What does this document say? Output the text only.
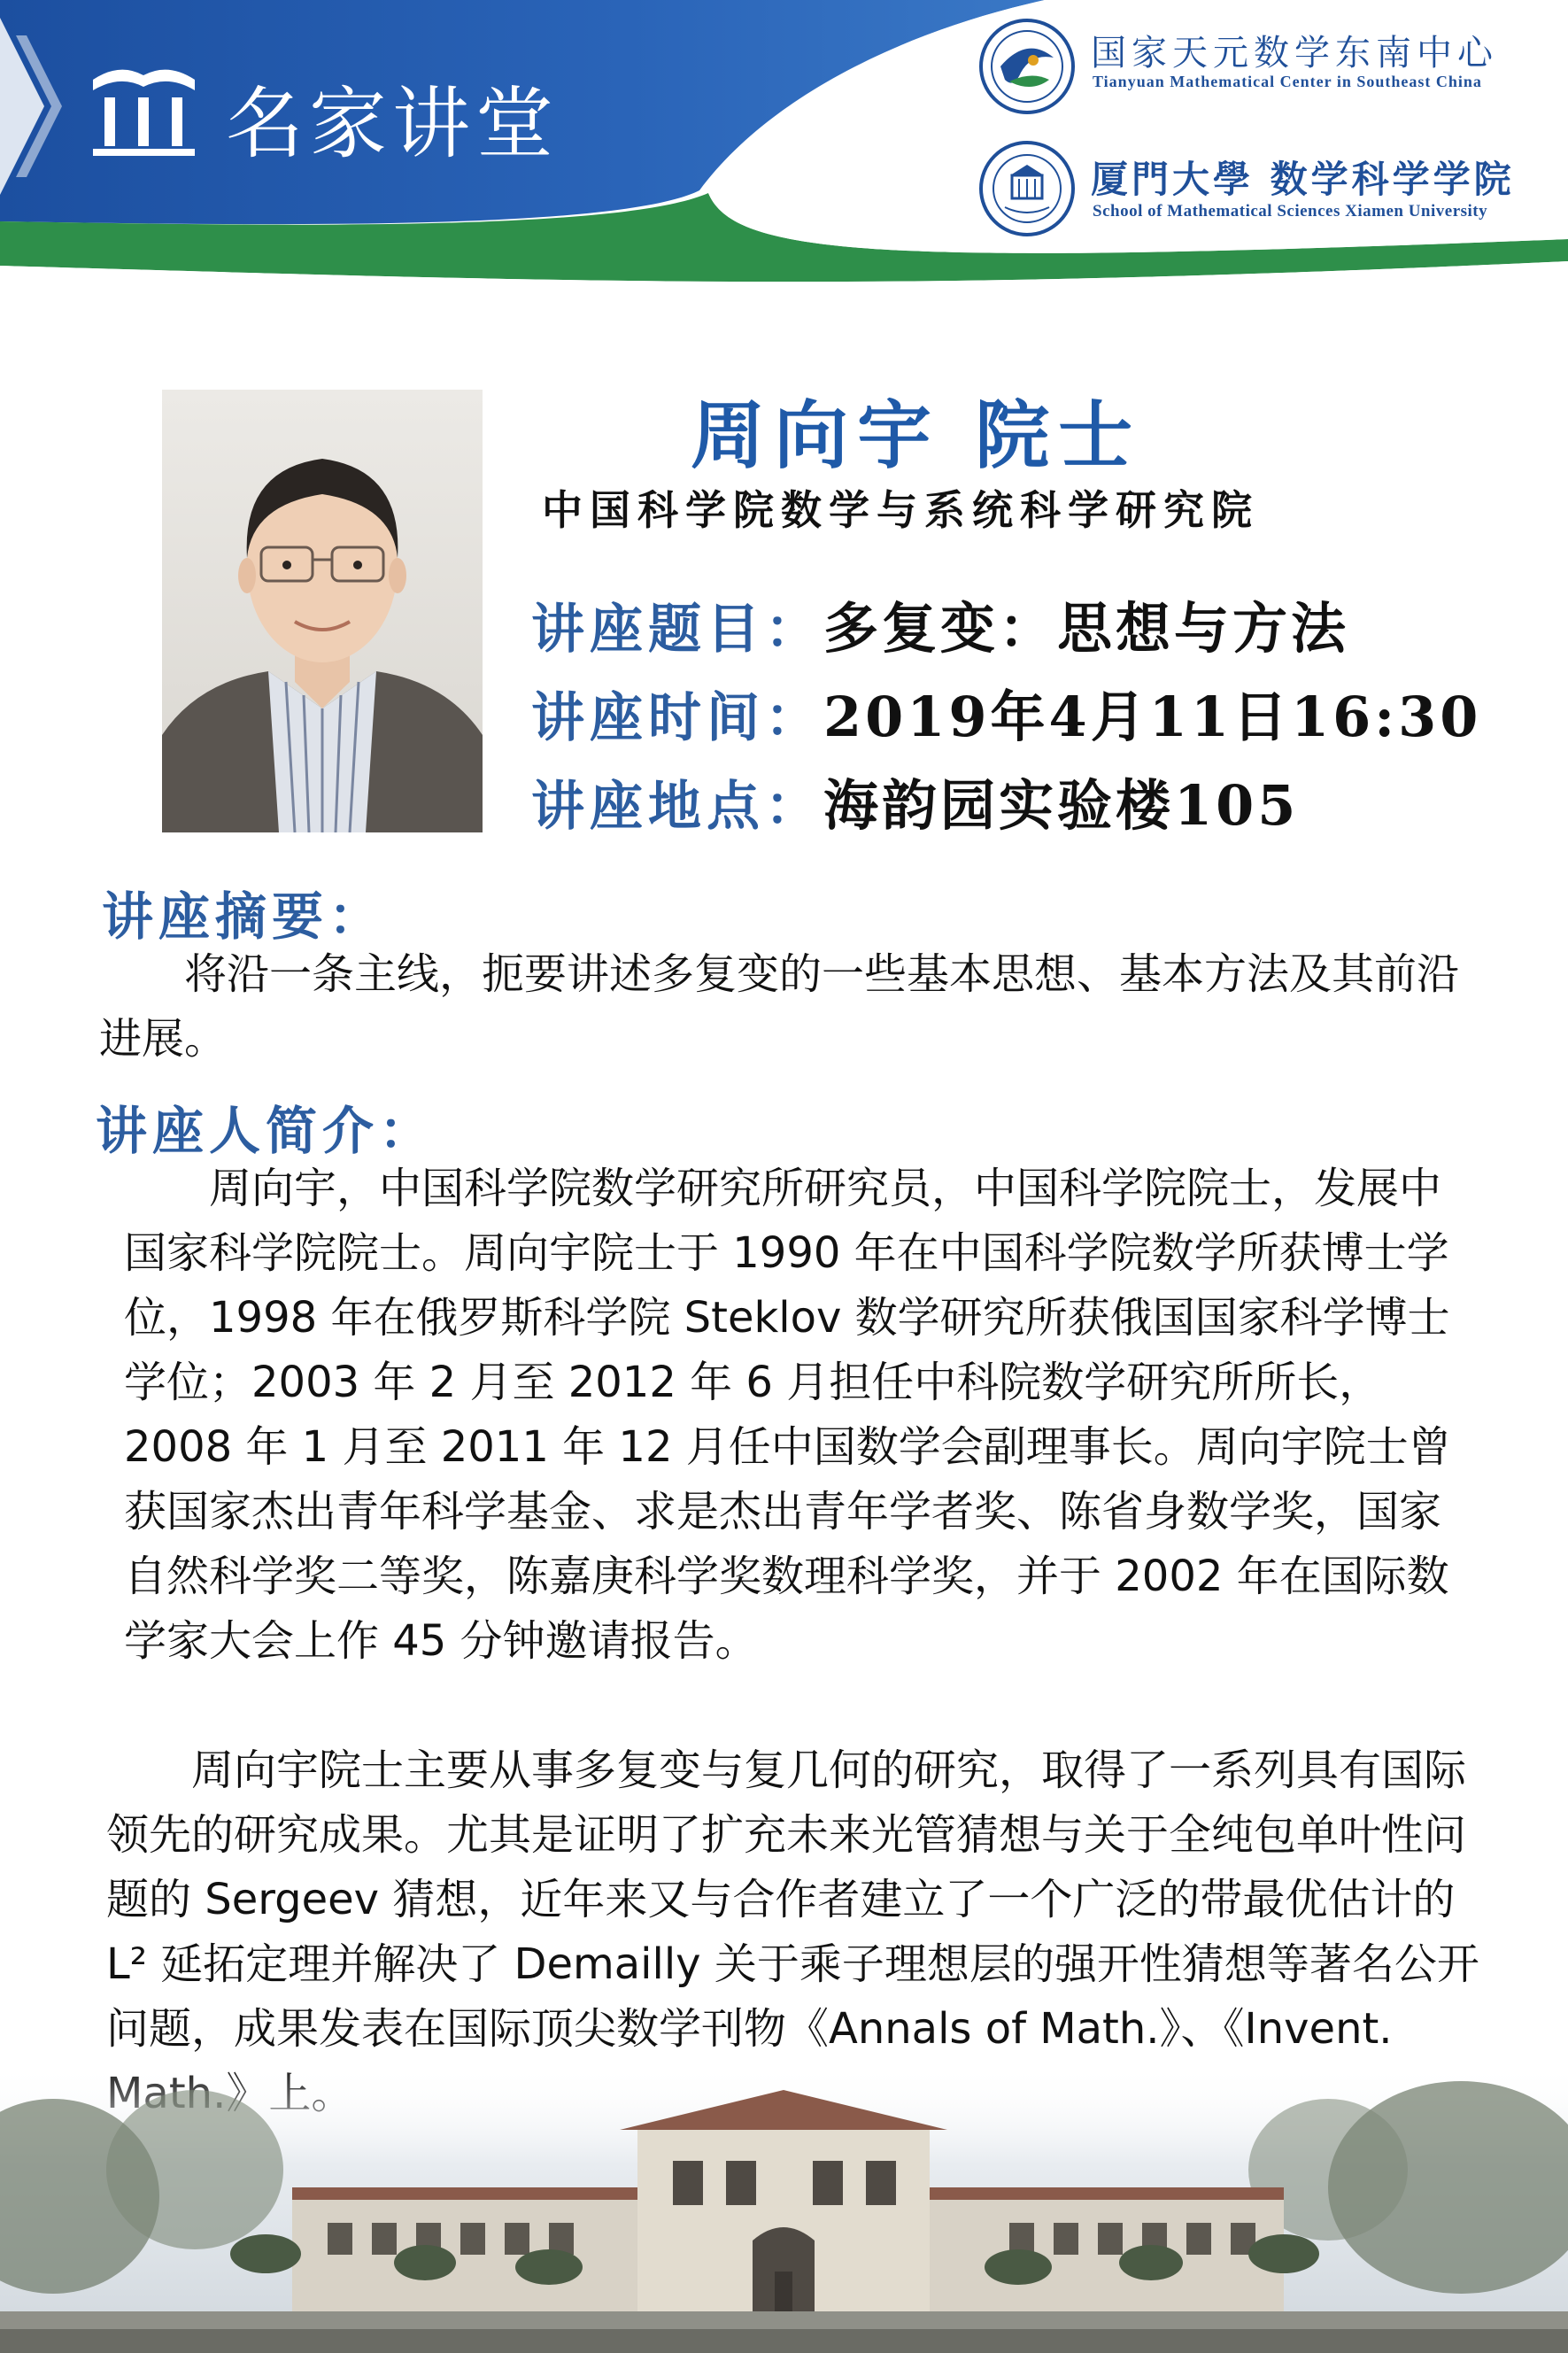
名家讲堂
国家天元数学东南中心
Tianyuan Mathematical Center in Southeast China
厦門大學 数学科学学院
School of Mathematical Sciences Xiamen University
周向宇 院士
中国科学院数学与系统科学研究院
讲座题目：多复变：思想与方法
讲座时间：2019年4月11日16:30
讲座地点：海韵园实验楼105
讲座摘要：

将沿一条主线，扼要讲述多复变的一些基本思想、基本方法及其前沿进展。

讲座人简介：

周向宇，中国科学院数学研究所研究员，中国科学院院士，发展中国家科学院院士。周向宇院士于 1990 年在中国科学院数学所获博士学位，1998 年在俄罗斯科学院 Steklov 数学研究所获俄国国家科学博士学位；2003 年 2 月至 2012 年 6 月担任中科院数学研究所所长，2008 年 1 月至 2011 年 12 月任中国数学会副理事长。周向宇院士曾获国家杰出青年科学基金、求是杰出青年学者奖、陈省身数学奖，国家自然科学奖二等奖，陈嘉庚科学奖数理科学奖，并于 2002 年在国际数学家大会上作 45 分钟邀请报告。

周向宇院士主要从事多复变与复几何的研究，取得了一系列具有国际领先的研究成果。尤其是证明了扩充未来光管猜想与关于全纯包单叶性问题的 Sergeev 猜想，近年来又与合作者建立了一个广泛的带最优估计的 L² 延拓定理并解决了 Demailly 关于乘子理想层的强开性猜想等著名公开问题，成果发表在国际顶尖数学刊物《Annals of Math.》、《Invent.
